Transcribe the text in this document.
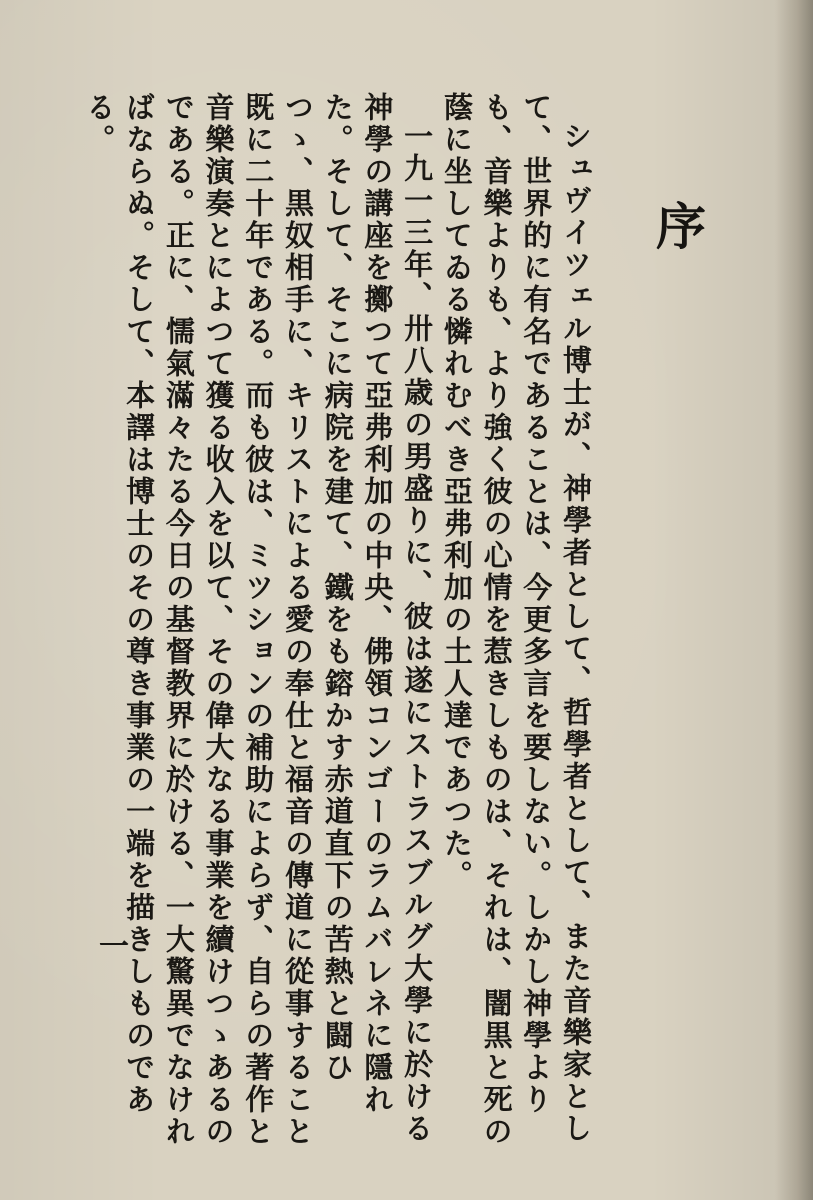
序

シュヴイツェル博士が、神學者として、哲學者として、また音樂家として、世界的に有名であることは、今更多言を要しない。しかし神學よりも、音樂よりも、より強く彼の心情を惹きしものは、それは、闇黒と死の蔭に坐してゐる憐れむべき亞弗利加の土人達であつた。

一九一三年、卅八歳の男盛りに、彼は遂にストラスブルグ大學に於ける神學の講座を擲つて亞弗利加の中央、佛領コンゴーのラムバレネに隱れた。そして、そこに病院を建て、鐵をも鎔かす赤道直下の苦熱と闘ひつゝ、黒奴相手に、キリストによる愛の奉仕と福音の傳道に從事すること既に二十年である。而も彼は、ミツションの補助によらず、自らの著作と音樂演奏とによつて獲る收入を以て、その偉大なる事業を續けつゝあるのである。正に、懦氣滿々たる今日の基督教界に於ける、一大驚異でなければならぬ。そして、本譯は博士のその尊き事業の一端を描きしものである。

一
